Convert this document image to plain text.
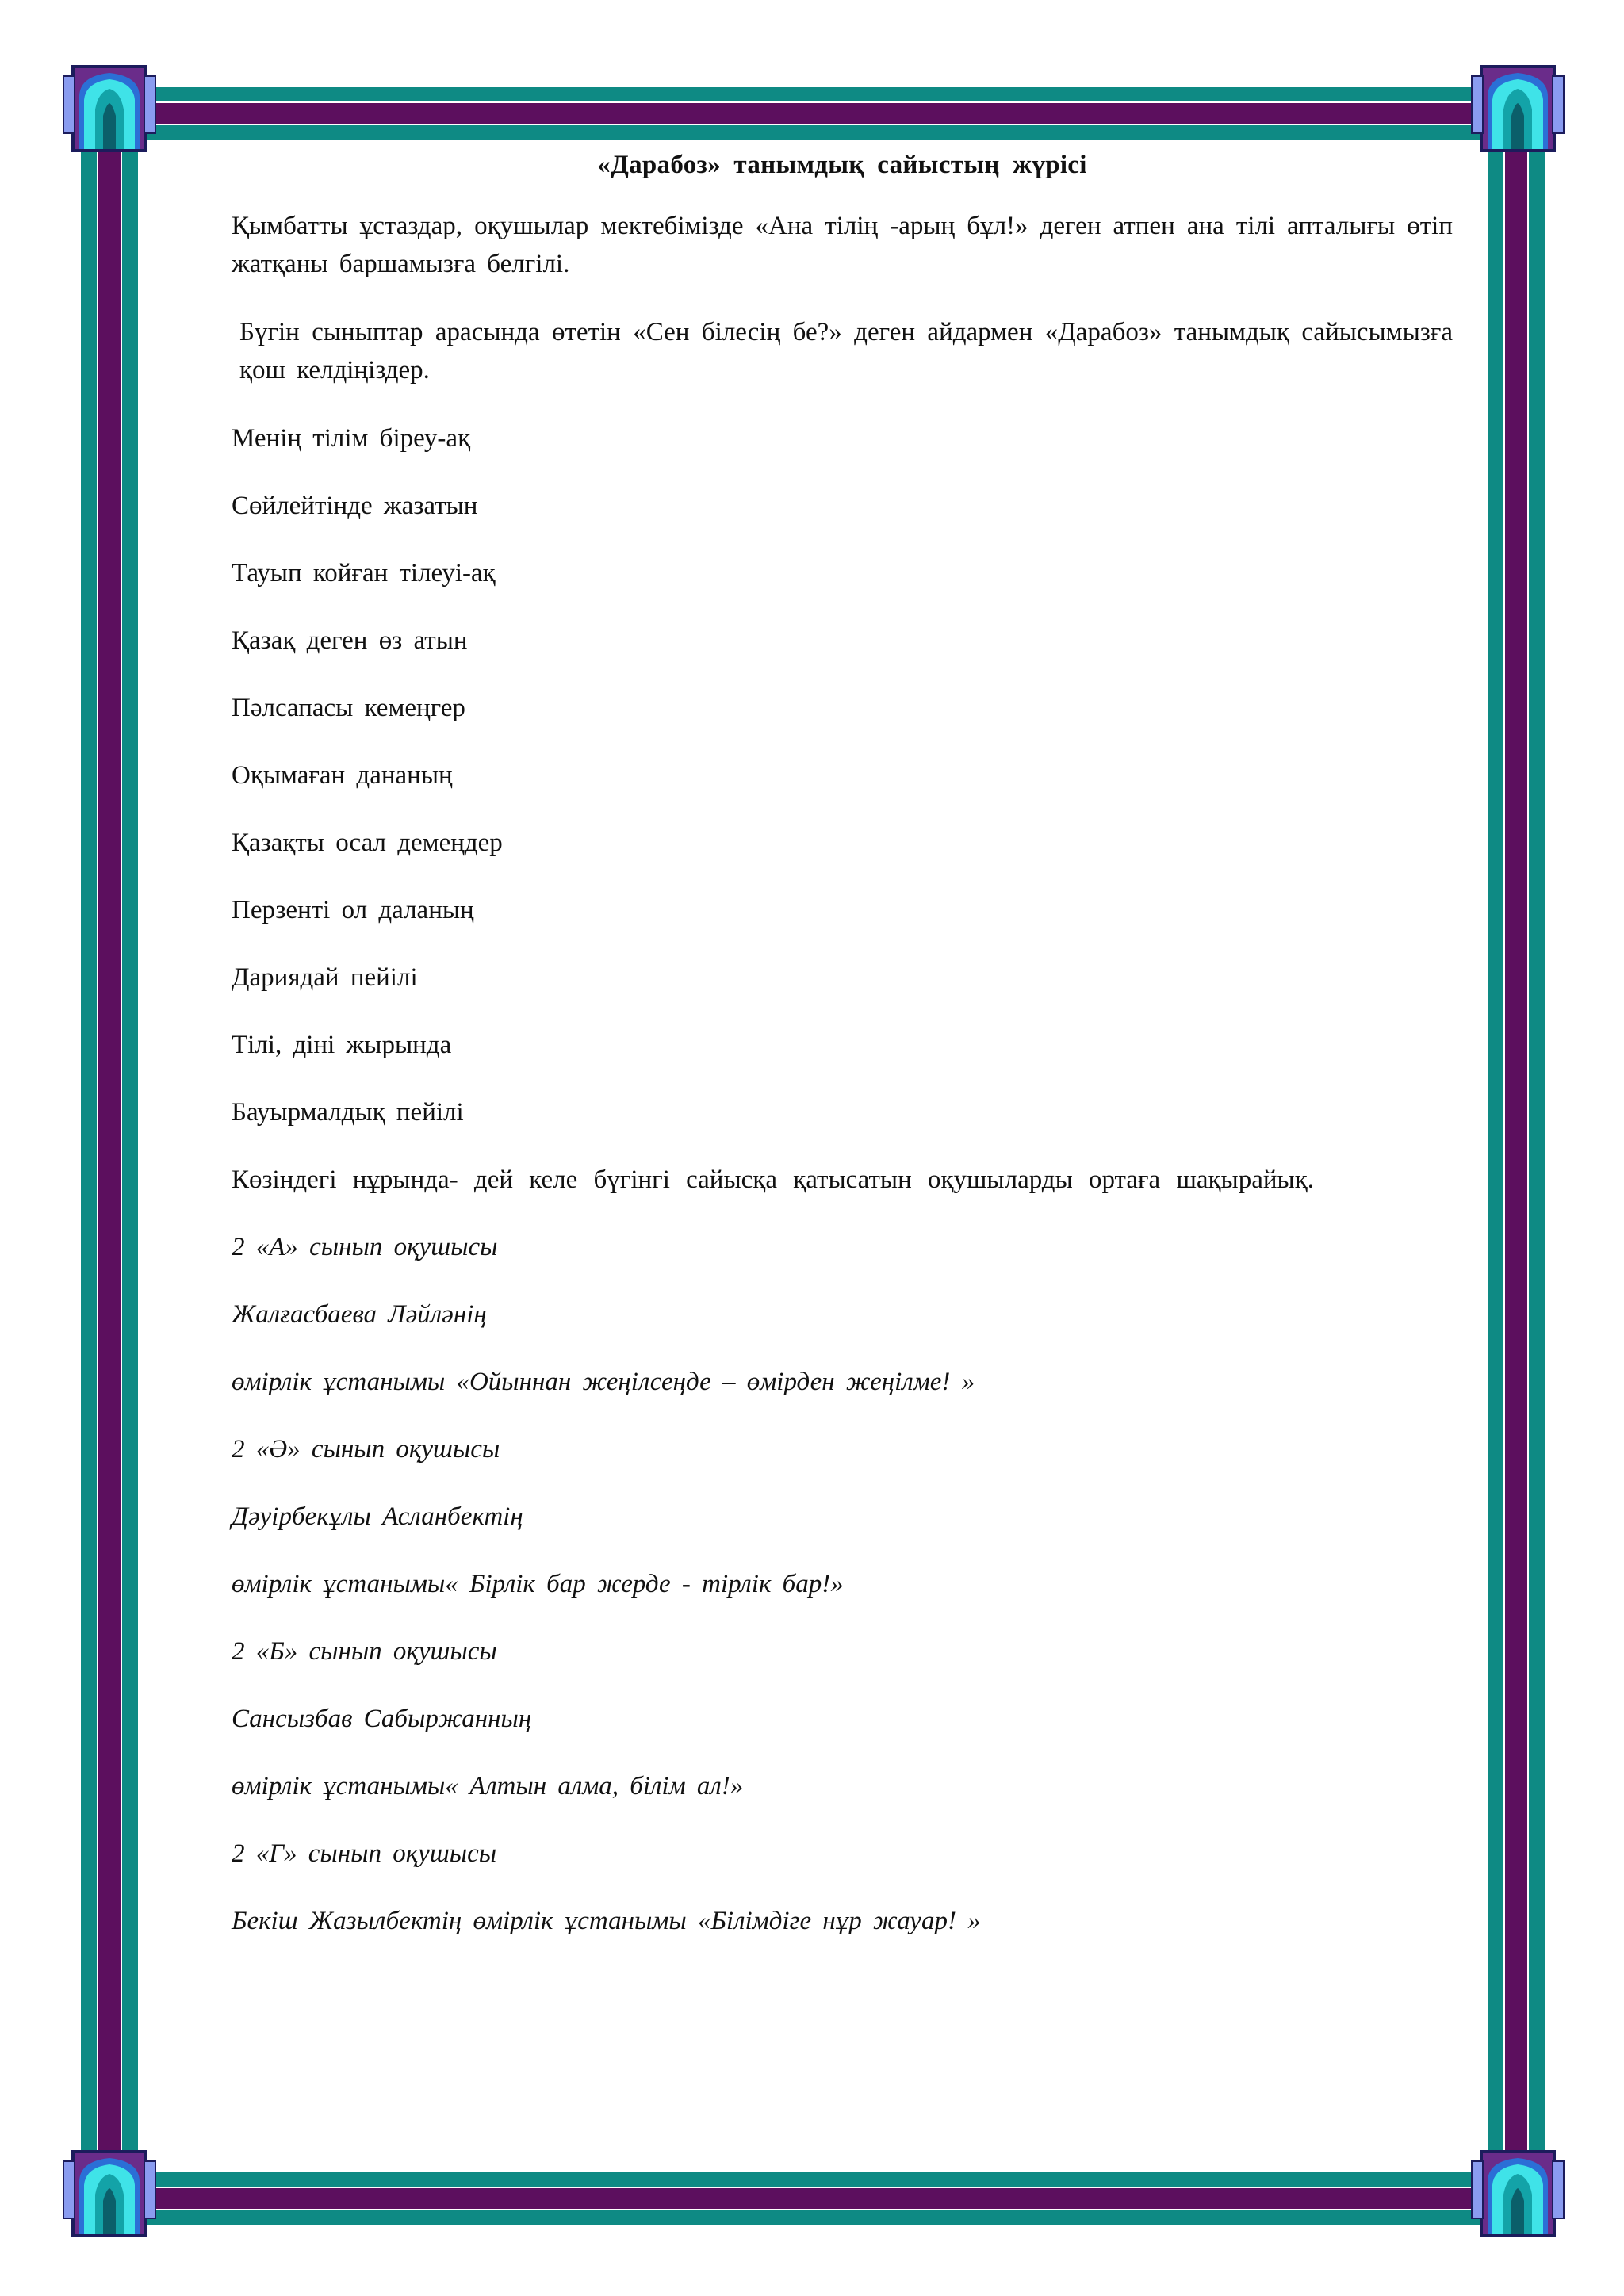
«Дарабоз» танымдық сайыстың жүрісі

Қымбатты ұстаздар, оқушылар мектебімізде «Ана тілің -арың бұл!» деген атпен ана тілі апталығы өтіп жатқаны баршамызға белгілі.

Бүгін сыныптар арасында өтетін «Сен білесің бе?» деген айдармен «Дарабоз» танымдық сайысымызға қош келдіңіздер.

Менің тілім біреу-ақ

Сөйлейтінде жазатын

Тауып койған тілеуі-ақ

Қазақ деген өз атын

Пәлсапасы кемеңгер

Оқымаған дананың

Қазақты осал демеңдер

Перзенті ол даланың

Дариядай пейілі

Тілі, діні жырында

Бауырмалдық пейілі

Көзіндегі нұрында- дей келе бүгінгі сайысқа қатысатын оқушыларды ортаға шақырайық.

2 «А» сынып оқушысы

Жалғасбаева Ләйләнің

өмірлік ұстанымы «Ойыннан жеңілсеңде – өмірден жеңілме! »

2 «Ә» сынып оқушысы

Дәуірбекұлы Асланбектің

өмірлік ұстанымы« Бірлік бар жерде - тірлік бар!»

2 «Б» сынып оқушысы

Сансызбав Сабыржанның

өмірлік ұстанымы« Алтын алма, білім ал!»

2 «Г» сынып оқушысы

Бекіш Жазылбектің өмірлік ұстанымы «Білімдіге нұр жауар! »
